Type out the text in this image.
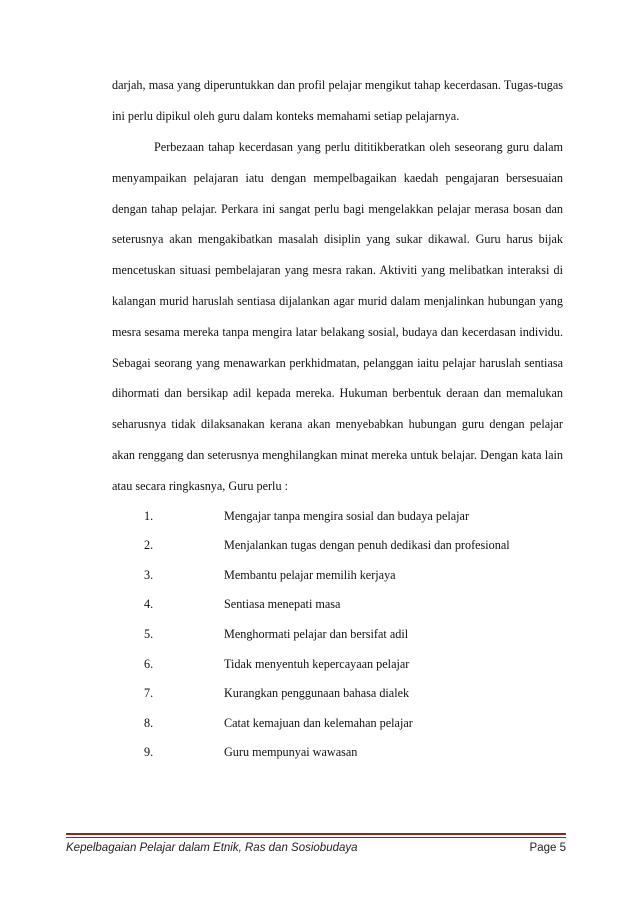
darjah, masa yang diperuntukkan dan profil pelajar mengikut tahap kecerdasan. Tugas-tugas ini perlu dipikul oleh guru dalam konteks memahami setiap pelajarnya.

Perbezaan tahap kecerdasan yang perlu dititikberatkan oleh seseorang guru dalam menyampaikan pelajaran iatu dengan mempelbagaikan kaedah pengajaran bersesuaian dengan tahap pelajar. Perkara ini sangat perlu bagi mengelakkan pelajar merasa bosan dan seterusnya akan mengakibatkan masalah disiplin yang sukar dikawal. Guru harus bijak mencetuskan situasi pembelajaran yang mesra rakan. Aktiviti yang melibatkan interaksi di kalangan murid haruslah sentiasa dijalankan agar murid dalam menjalinkan hubungan yang mesra sesama mereka tanpa mengira latar belakang sosial, budaya dan kecerdasan individu. Sebagai seorang yang menawarkan perkhidmatan, pelanggan iaitu pelajar haruslah sentiasa dihormati dan bersikap adil kepada mereka. Hukuman berbentuk deraan dan memalukan seharusnya tidak dilaksanakan kerana akan menyebabkan hubungan guru dengan pelajar akan renggang dan seterusnya menghilangkan minat mereka untuk belajar. Dengan kata lain atau secara ringkasnya, Guru perlu :

1.	Mengajar tanpa mengira sosial dan budaya pelajar
2.	Menjalankan tugas dengan penuh dedikasi dan profesional
3.	Membantu pelajar memilih kerjaya
4.	Sentiasa menepati masa
5.	Menghormati pelajar dan bersifat adil
6.	Tidak menyentuh kepercayaan pelajar
7.	Kurangkan penggunaan bahasa dialek
8.	Catat kemajuan dan kelemahan pelajar
9.	Guru mempunyai wawasan
Kepelbagaian Pelajar dalam Etnik, Ras dan Sosiobudaya	Page 5
